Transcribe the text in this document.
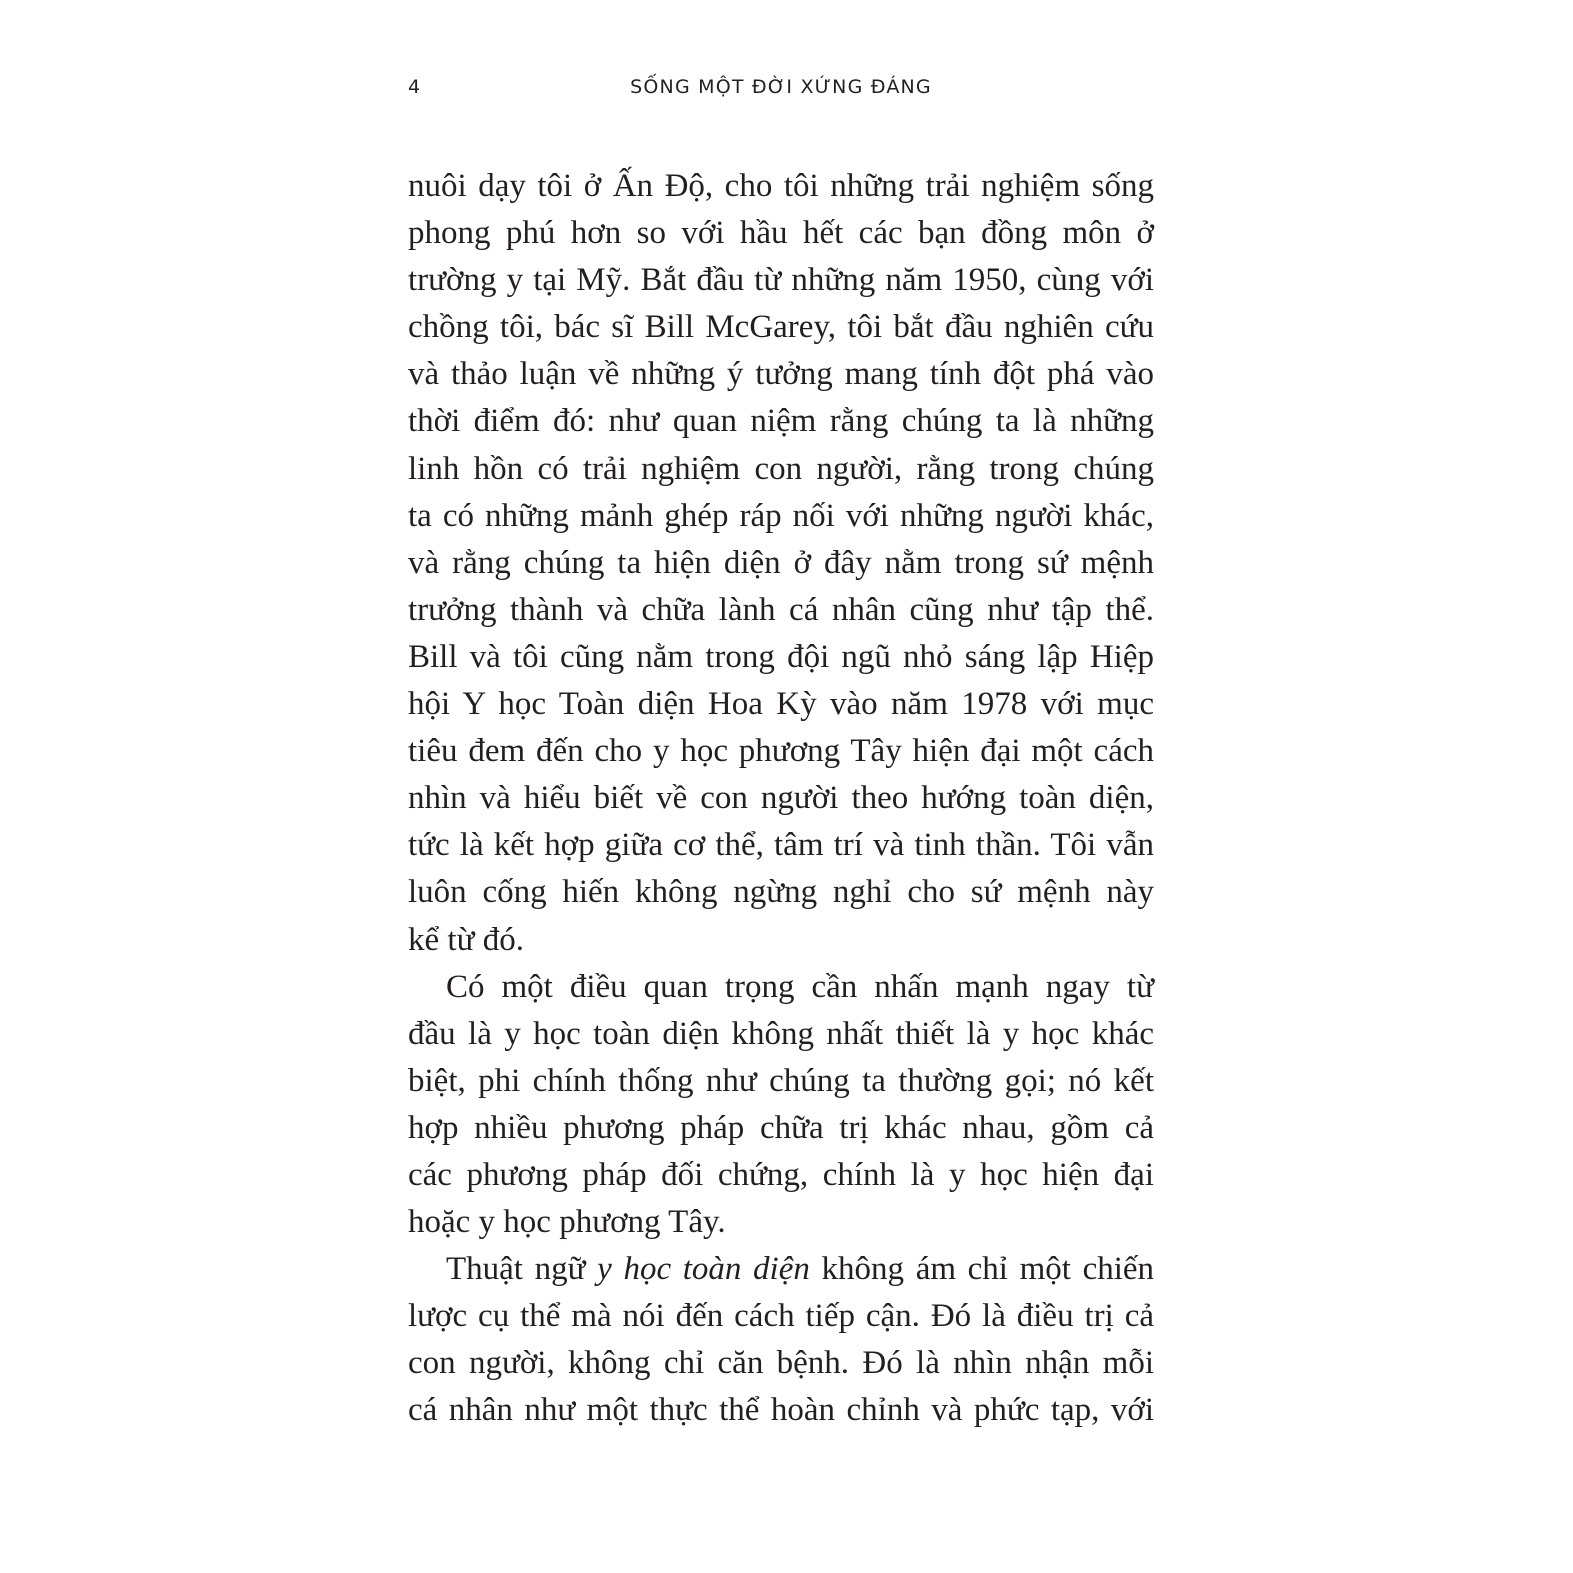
4	SỐNG MỘT ĐỜI XỨNG ĐÁNG

nuôi dạy tôi ở Ấn Độ, cho tôi những trải nghiệm sống

phong phú hơn so với hầu hết các bạn đồng môn ở

trường y tại Mỹ. Bắt đầu từ những năm 1950, cùng với

chồng tôi, bác sĩ Bill McGarey, tôi bắt đầu nghiên cứu

và thảo luận về những ý tưởng mang tính đột phá vào

thời điểm đó: như quan niệm rằng chúng ta là những

linh hồn có trải nghiệm con người, rằng trong chúng

ta có những mảnh ghép ráp nối với những người khác,

và rằng chúng ta hiện diện ở đây nằm trong sứ mệnh

trưởng thành và chữa lành cá nhân cũng như tập thể.

Bill và tôi cũng nằm trong đội ngũ nhỏ sáng lập Hiệp

hội Y học Toàn diện Hoa Kỳ vào năm 1978 với mục

tiêu đem đến cho y học phương Tây hiện đại một cách

nhìn và hiểu biết về con người theo hướng toàn diện,

tức là kết hợp giữa cơ thể, tâm trí và tinh thần. Tôi vẫn

luôn cống hiến không ngừng nghỉ cho sứ mệnh này

kể từ đó.

Có một điều quan trọng cần nhấn mạnh ngay từ

đầu là y học toàn diện không nhất thiết là y học khác

biệt, phi chính thống như chúng ta thường gọi; nó kết

hợp nhiều phương pháp chữa trị khác nhau, gồm cả

các phương pháp đối chứng, chính là y học hiện đại

hoặc y học phương Tây.

Thuật ngữ y học toàn diện không ám chỉ một chiến

lược cụ thể mà nói đến cách tiếp cận. Đó là điều trị cả

con người, không chỉ căn bệnh. Đó là nhìn nhận mỗi

cá nhân như một thực thể hoàn chỉnh và phức tạp, với
